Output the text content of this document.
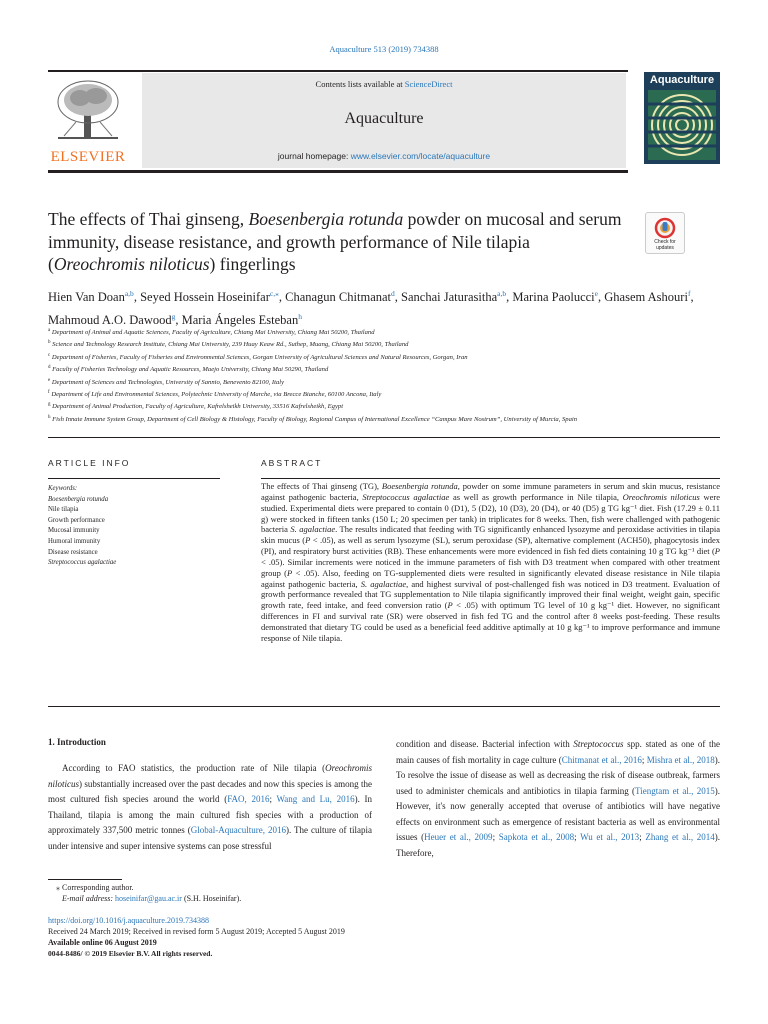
Aquaculture 513 (2019) 734388
ELSEVIER
Contents lists available at ScienceDirect
Aquaculture
journal homepage: www.elsevier.com/locate/aquaculture
Aquaculture
The effects of Thai ginseng, Boesenbergia rotunda powder on mucosal and serum immunity, disease resistance, and growth performance of Nile tilapia (Oreochromis niloticus) fingerlings
Check for updates
Hien Van Doan$^{a,b}$, Seyed Hossein Hoseinifar$^{c,⁎}$, Chanagun Chitmanat$^d$, Sanchai Jaturasitha$^{a,b}$, Marina Paolucci$^e$, Ghasem Ashouri$^f$, Mahmoud A.O. Dawood$^g$, Maria Ángeles Esteban$^h$

$^a$ Department of Animal and Aquatic Sciences, Faculty of Agriculture, Chiang Mai University, Chiang Mai 50200, Thailand

$^b$ Science and Technology Research Institute, Chiang Mai University, 239 Huay Keaw Rd., Suthep, Muang, Chiang Mai 50200, Thailand

$^c$ Department of Fisheries, Faculty of Fisheries and Environmental Sciences, Gorgan University of Agricultural Sciences and Natural Resources, Gorgan, Iran

$^d$ Faculty of Fisheries Technology and Aquatic Resources, Maejo University, Chiang Mai 50290, Thailand

$^e$ Department of Sciences and Technologies, University of Sannio, Benevento 82100, Italy

$^f$ Department of Life and Environmental Sciences, Polytechnic University of Marche, via Brecce Bianche, 60100 Ancona, Italy

$^g$ Department of Animal Production, Faculty of Agriculture, Kafrelsheikh University, 33516 Kafrelsheikh, Egypt

$^h$ Fish Innate Immune System Group, Department of Cell Biology & Histology, Faculty of Biology, Regional Campus of International Excellence “Campus Mare Nostrum”, University of Murcia, Spain

ARTICLE INFO	ABSTRACT
Keywords:
Boesenbergia rotunda
Nile tilapia
Growth performance
Mucosal immunity
Humoral immunity
Disease resistance
Streptococcus agalactiae
The effects of Thai ginseng (TG), Boesenbergia rotunda, powder on some immune parameters in serum and skin mucus, resistance against pathogenic bacteria, Streptococcus agalactiae as well as growth performance in Nile tilapia, Oreochromis niloticus were studied. Experimental diets were prepared to contain 0 (D1), 5 (D2), 10 (D3), 20 (D4), or 40 (D5) g TG kg⁻¹ diet. Fish (17.29 ± 0.11 g) were stocked in fifteen tanks (150 L; 20 specimen per tank) in triplicates for 8 weeks. Then, fish were challenged with pathogenic bacteria S. agalactiae. The results indicated that feeding with TG significantly enhanced lysozyme and peroxidase activities in tilapia skin mucus (P < .05), as well as serum lysozyme (SL), serum peroxidase (SP), alternative complement (ACH50), phagocytosis index (PI), and respiratory burst activities (RB). These enhancements were more evidenced in fish fed diets containing 10 g TG kg⁻¹ diet (P < .05). Similar increments were noticed in the immune parameters of fish with D3 treatment when compared with other treatment group (P < .05). Also, feeding on TG-supplemented diets were resulted in significantly elevated disease resistance in Nile tilapia against pathogenic bacteria, S. agalactiae, and highest survival of post-challenged fish was noticed in D3 treatment. Evaluation of growth performance revealed that TG supplementation to Nile tilapia significantly improved their final weight, weight gain, specific growth rate, feed intake, and feed conversion ratio (P < .05) with optimum TG level of 10 g kg⁻¹ diet. However, no significant differences in FI and survival rate (SR) were observed in fish fed TG and the control after 8 weeks post-feeding. These results demonstrated that dietary TG could be used as a beneficial feed additive aptimally at 10 g kg⁻¹ to improve performance and immune response of Nile tilapia.
1. Introduction

According to FAO statistics, the production rate of Nile tilapia (Oreochromis niloticus) substantially increased over the past decades and now this species is among the most cultured fish species around the world (FAO, 2016; Wang and Lu, 2016). In Thailand, tilapia is among the main cultured fish species with a production of approximately 337,500 metric tonnes (Global-Aquaculture, 2016). The culture of tilapia under intensive and super intensive systems can pose stressful

condition and disease. Bacterial infection with Streptococcus spp. stated as one of the main causes of fish mortality in cage culture (Chitmanat et al., 2016; Mishra et al., 2018). To resolve the issue of disease as well as decreasing the risk of disease outbreak, farmers used to administer chemicals and antibiotics in tilapia farming (Tiengtam et al., 2015). However, it's now generally accepted that overuse of antibiotics will have negative effects on environment such as emergence of resistant bacteria as well as environmental issues (Heuer et al., 2009; Sapkota et al., 2008; Wu et al., 2013; Zhang et al., 2014). Therefore,

⁎ Corresponding author.
E-mail address: hoseinifar@gau.ac.ir (S.H. Hoseinifar).
https://doi.org/10.1016/j.aquaculture.2019.734388
Received 24 March 2019; Received in revised form 5 August 2019; Accepted 5 August 2019
Available online 06 August 2019
0044-8486/ © 2019 Elsevier B.V. All rights reserved.
